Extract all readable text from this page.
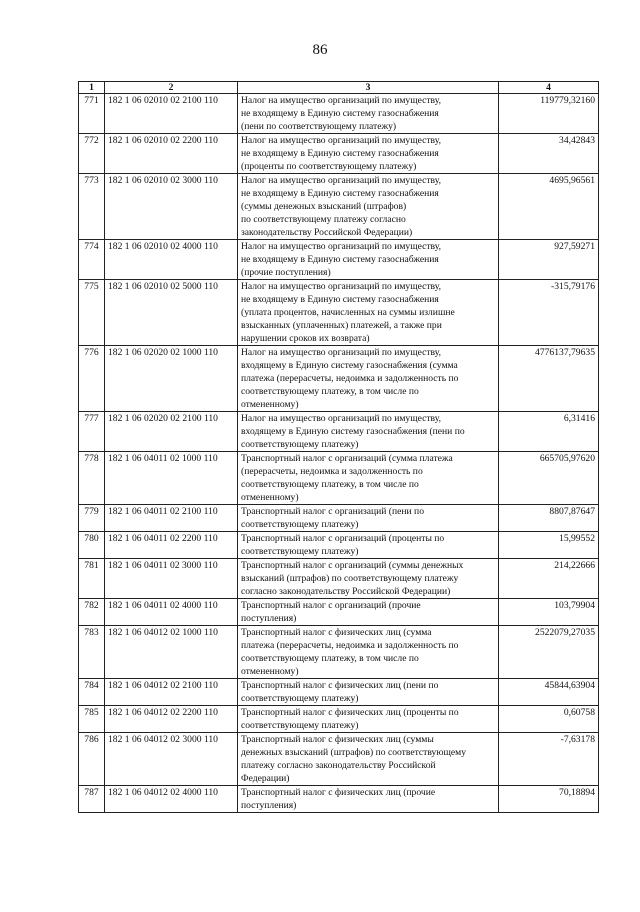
86
1	2	3	4
771	182 1 06 02010 02 2100 110	Налог на имущество организаций по имуществу,
не входящему в Единую систему газоснабжения
(пени по соответствующему платежу)	119779,32160
772	182 1 06 02010 02 2200 110	Налог на имущество организаций по имуществу,
не входящему в Единую систему газоснабжения
(проценты по соответствующему платежу)	34,42843
773	182 1 06 02010 02 3000 110	Налог на имущество организаций по имуществу,
не входящему в Единую систему газоснабжения
(суммы денежных взысканий (штрафов)
по соответствующему платежу согласно
законодательству Российской Федерации)	4695,96561
774	182 1 06 02010 02 4000 110	Налог на имущество организаций по имуществу,
не входящему в Единую систему газоснабжения
(прочие поступления)	927,59271
775	182 1 06 02010 02 5000 110	Налог на имущество организаций по имуществу,
не входящему в Единую систему газоснабжения
(уплата процентов, начисленных на суммы излишне
взысканных (уплаченных) платежей, а также при
нарушении сроков их возврата)	-315,79176
776	182 1 06 02020 02 1000 110	Налог на имущество организаций по имуществу,
входящему в Единую систему газоснабжения (сумма
платежа (перерасчеты, недоимка и задолженность по
соответствующему платежу, в том числе по
отмененному)	4776137,79635
777	182 1 06 02020 02 2100 110	Налог на имущество организаций по имуществу,
входящему в Единую систему газоснабжения (пени по
соответствующему платежу)	6,31416
778	182 1 06 04011 02 1000 110	Транспортный налог с организаций (сумма платежа
(перерасчеты, недоимка и задолженность по
соответствующему платежу, в том числе по
отмененному)	665705,97620
779	182 1 06 04011 02 2100 110	Транспортный налог с организаций (пени по
соответствующему платежу)	8807,87647
780	182 1 06 04011 02 2200 110	Транспортный налог с организаций (проценты по
соответствующему платежу)	15,99552
781	182 1 06 04011 02 3000 110	Транспортный налог с организаций (суммы денежных
взысканий (штрафов) по соответствующему платежу
согласно законодательству Российской Федерации)	214,22666
782	182 1 06 04011 02 4000 110	Транспортный налог с организаций (прочие
поступления)	103,79904
783	182 1 06 04012 02 1000 110	Транспортный налог с физических лиц (сумма
платежа (перерасчеты, недоимка и задолженность по
соответствующему платежу, в том числе по
отмененному)	2522079,27035
784	182 1 06 04012 02 2100 110	Транспортный налог с физических лиц (пени по
соответствующему платежу)	45844,63904
785	182 1 06 04012 02 2200 110	Транспортный налог с физических лиц (проценты по
соответствующему платежу)	0,60758
786	182 1 06 04012 02 3000 110	Транспортный налог с физических лиц (суммы
денежных взысканий (штрафов) по соответствующему
платежу согласно законодательству Российской
Федерации)	-7,63178
787	182 1 06 04012 02 4000 110	Транспортный налог с физических лиц (прочие
поступления)	70,18894
